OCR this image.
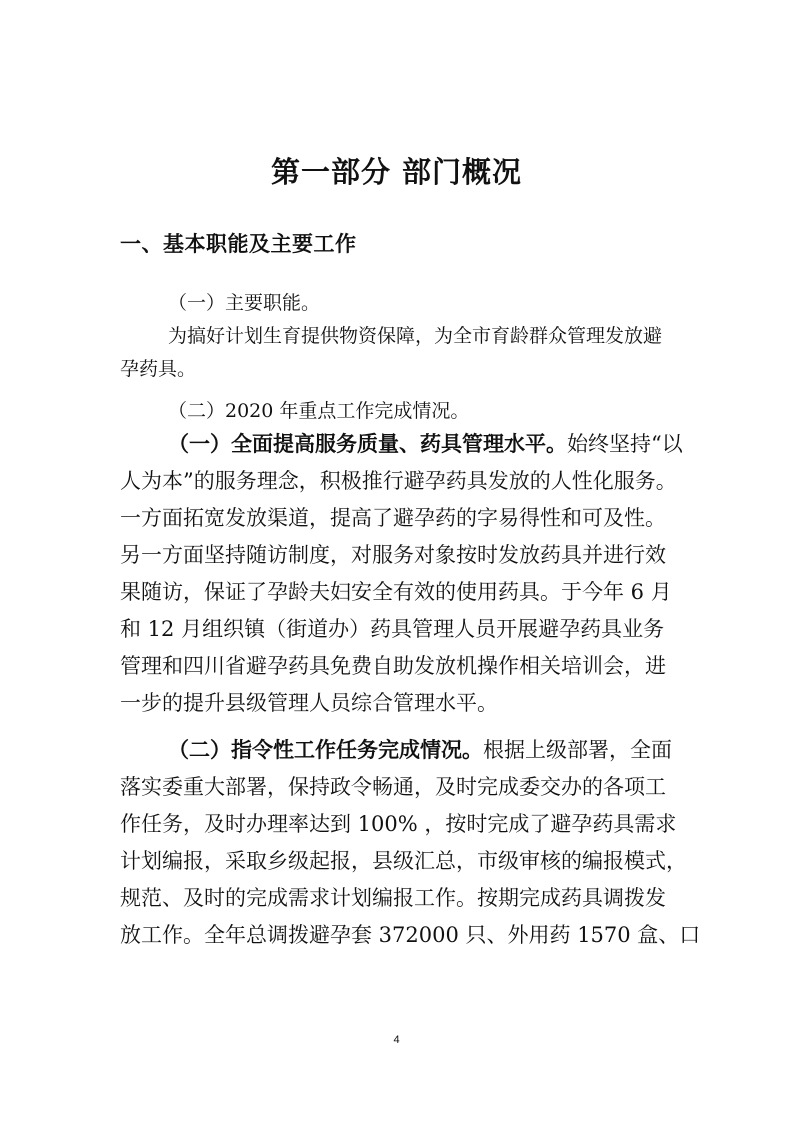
第一部分 部门概况
一、基本职能及主要工作
（一）主要职能。
为搞好计划生育提供物资保障，为全市育龄群众管理发放避
孕药具。
（二）2020 年重点工作完成情况。
（一）全面提高服务质量、药具管理水平。始终坚持“以
人为本”的服务理念，积极推行避孕药具发放的人性化服务。
一方面拓宽发放渠道，提高了避孕药的字易得性和可及性。
另一方面坚持随访制度，对服务对象按时发放药具并进行效
果随访，保证了孕龄夫妇安全有效的使用药具。于今年 6 月
和 12 月组织镇（街道办）药具管理人员开展避孕药具业务
管理和四川省避孕药具免费自助发放机操作相关培训会，进
一步的提升县级管理人员综合管理水平。
（二）指令性工作任务完成情况。根据上级部署，全面
落实委重大部署，保持政令畅通，及时完成委交办的各项工
作任务，及时办理率达到 100% ，按时完成了避孕药具需求
计划编报，采取乡级起报，县级汇总，市级审核的编报模式，
规范、及时的完成需求计划编报工作。按期完成药具调拨发
放工作。全年总调拨避孕套 372000 只、外用药 1570 盒、口
4
